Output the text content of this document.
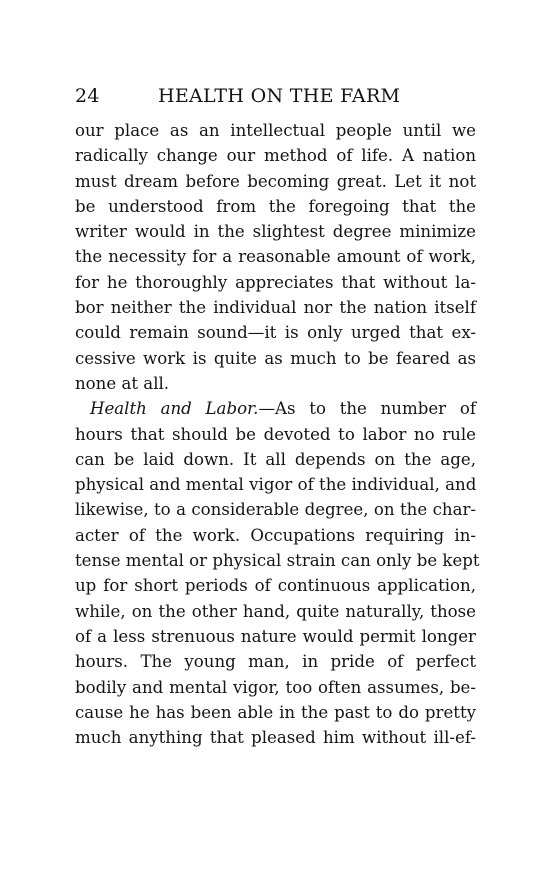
24	HEALTH ON THE FARM
our place as an intellectual people until we
radically change our method of life. A nation
must dream before becoming great. Let it not
be understood from the foregoing that the
writer would in the slightest degree minimize
the necessity for a reasonable amount of work,
for he thoroughly appreciates that without la-
bor neither the individual nor the nation itself
could remain sound—it is only urged that ex-
cessive work is quite as much to be feared as
none at all.
Health and Labor.—As to the number of
hours that should be devoted to labor no rule
can be laid down. It all depends on the age,
physical and mental vigor of the individual, and
likewise, to a considerable degree, on the char-
acter of the work. Occupations requiring in-
tense mental or physical strain can only be kept
up for short periods of continuous application,
while, on the other hand, quite naturally, those
of a less strenuous nature would permit longer
hours. The young man, in pride of perfect
bodily and mental vigor, too often assumes, be-
cause he has been able in the past to do pretty
much anything that pleased him without ill-ef-
